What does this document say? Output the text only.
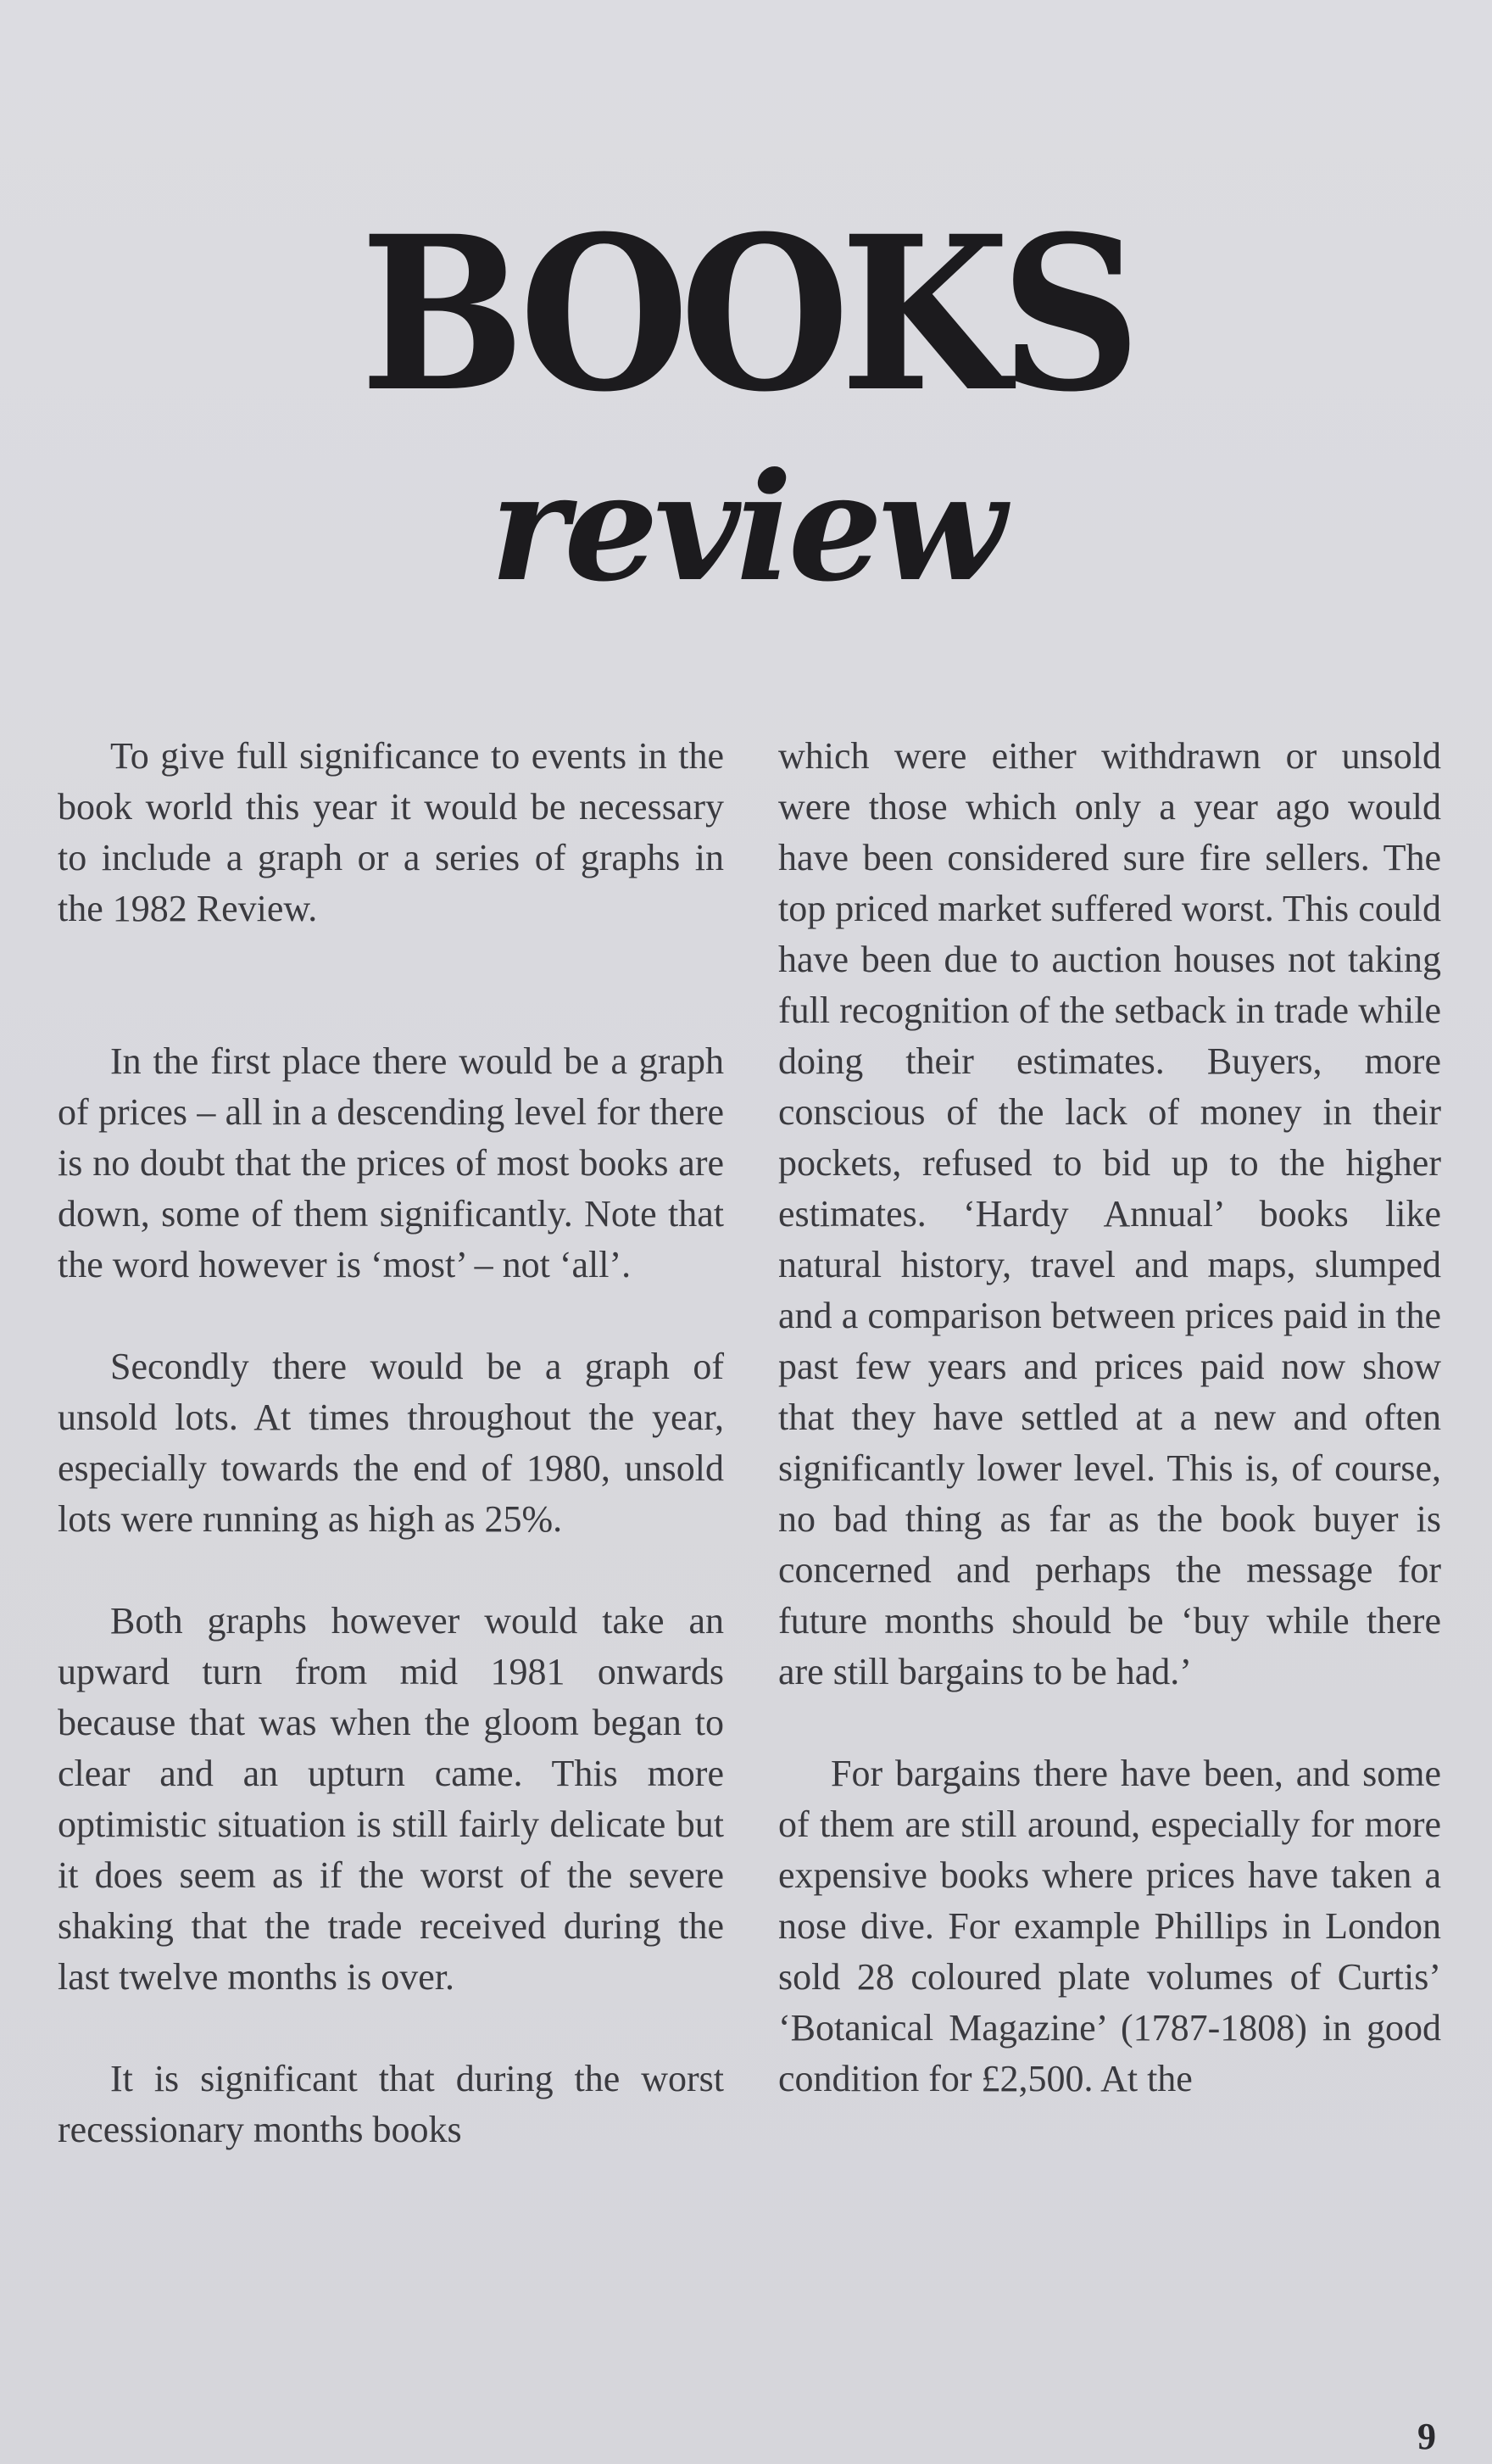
BOOKS
review

To give full significance to events in the book world this year it would be necessary to include a graph or a series of graphs in the 1982 Review.

In the first place there would be a graph of prices – all in a descending level for there is no doubt that the prices of most books are down, some of them significantly. Note that the word however is ‘most’ – not ‘all’.

Secondly there would be a graph of unsold lots. At times throughout the year, especially towards the end of 1980, unsold lots were running as high as 25%.

Both graphs however would take an upward turn from mid 1981 onwards because that was when the gloom began to clear and an upturn came. This more optimistic situation is still fairly delicate but it does seem as if the worst of the severe shaking that the trade received during the last twelve months is over.

It is significant that during the worst recessionary months books

which were either withdrawn or unsold were those which only a year ago would have been considered sure fire sellers. The top priced market suffered worst. This could have been due to auction houses not taking full recognition of the setback in trade while doing their estimates. Buyers, more conscious of the lack of money in their pockets, refused to bid up to the higher estimates. ‘Hardy Annual’ books like natural history, travel and maps, slumped and a comparison between prices paid in the past few years and prices paid now show that they have settled at a new and often significantly lower level. This is, of course, no bad thing as far as the book buyer is concerned and perhaps the message for future months should be ‘buy while there are still bargains to be had.’

For bargains there have been, and some of them are still around, especially for more expensive books where prices have taken a nose dive. For example Phillips in London sold 28 coloured plate volumes of Curtis’ ‘Botanical Magazine’ (1787-1808) in good condition for £2,500. At the

9
